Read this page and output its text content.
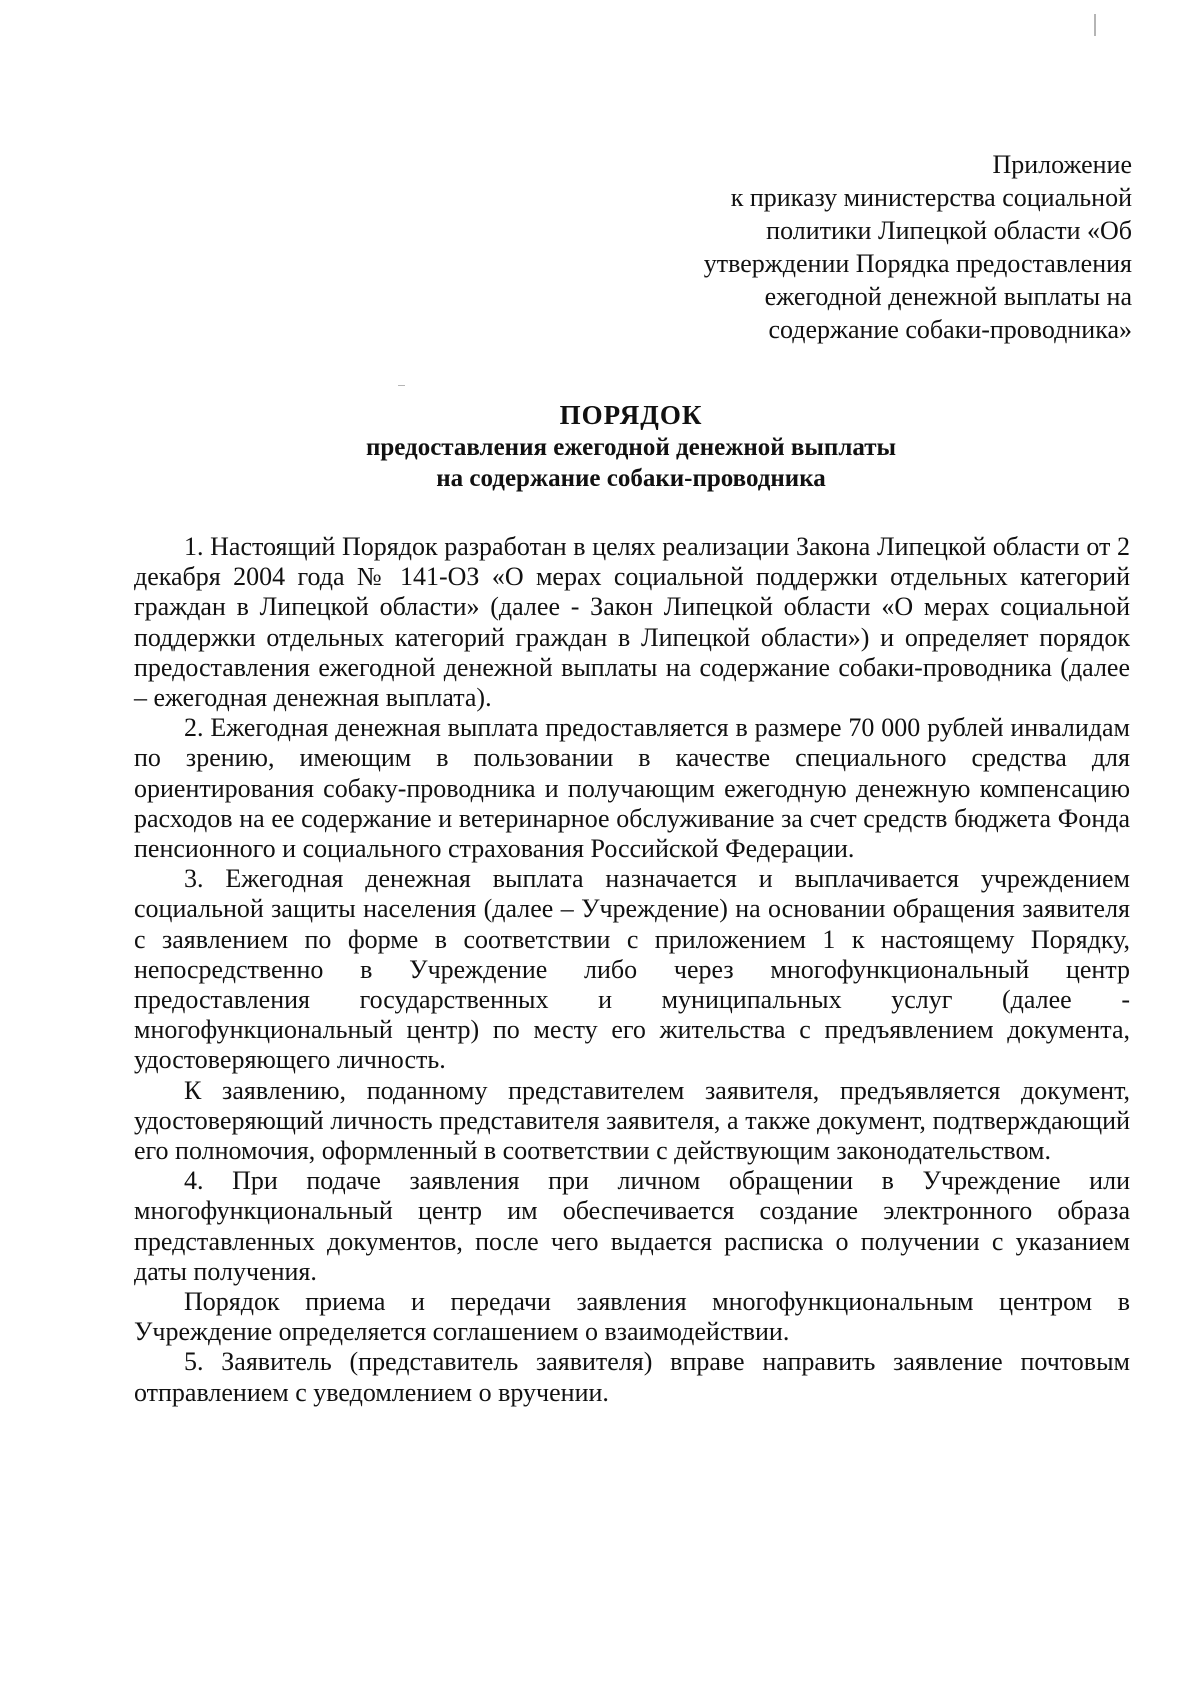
Приложение
к приказу министерства социальной
политики Липецкой области «Об
утверждении Порядка предоставления
ежегодной денежной выплаты на
содержание собаки-проводника»
ПОРЯДОК
предоставления ежегодной денежной выплаты
на содержание собаки-проводника

1. Настоящий Порядок разработан в целях реализации Закона Липецкой области от 2 декабря 2004 года № 141-ОЗ «О мерах социальной поддержки отдельных категорий граждан в Липецкой области» (далее - Закон Липецкой области «О мерах социальной поддержки отдельных категорий граждан в Липецкой области») и определяет порядок предоставления ежегодной денежной выплаты на содержание собаки-проводника (далее – ежегодная денежная выплата).

2. Ежегодная денежная выплата предоставляется в размере 70 000 рублей инвалидам по зрению, имеющим в пользовании в качестве специального средства для ориентирования собаку-проводника и получающим ежегодную денежную компенсацию расходов на ее содержание и ветеринарное обслуживание за счет средств бюджета Фонда пенсионного и социального страхования Российской Федерации.

3. Ежегодная денежная выплата назначается и выплачивается учреждением социальной защиты населения (далее – Учреждение) на основании обращения заявителя с заявлением по форме в соответствии с приложением 1 к настоящему Порядку, непосредственно в Учреждение либо через многофункциональный центр предоставления государственных и муниципальных услуг (далее - многофункциональный центр) по месту его жительства с предъявлением документа, удостоверяющего личность.

К заявлению, поданному представителем заявителя, предъявляется документ, удостоверяющий личность представителя заявителя, а также документ, подтверждающий его полномочия, оформленный в соответствии с действующим законодательством.

4. При подаче заявления при личном обращении в Учреждение или многофункциональный центр им обеспечивается создание электронного образа представленных документов, после чего выдается расписка о получении с указанием даты получения.

Порядок приема и передачи заявления многофункциональным центром в Учреждение определяется соглашением о взаимодействии.

5. Заявитель (представитель заявителя) вправе направить заявление почтовым отправлением с уведомлением о вручении.
